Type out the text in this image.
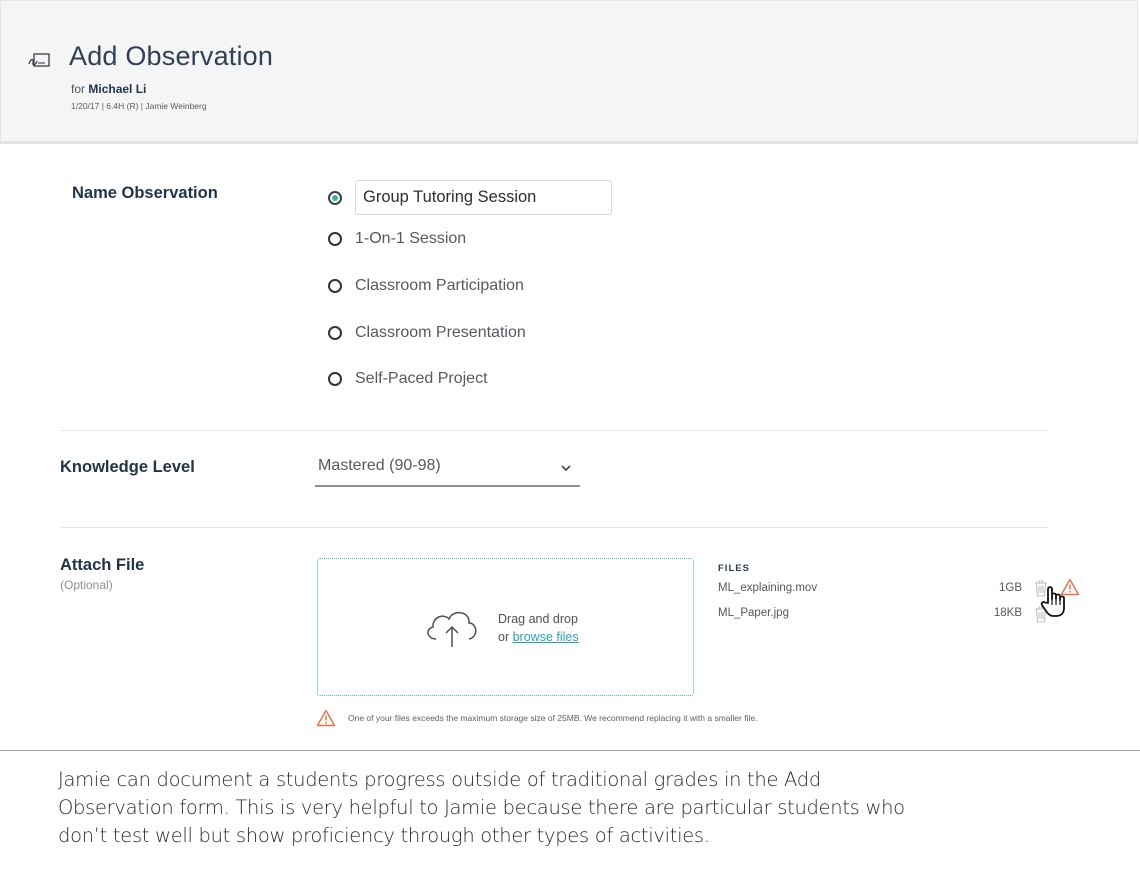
Add Observation
for Michael Li
1/20/17 | 6.4H (R) | Jamie Weinberg
Name Observation
Group Tutoring Session
1-On-1 Session
Classroom Participation
Classroom Presentation
Self-Paced Project
Knowledge Level	Mastered (90-98)
Attach File
(Optional)
Drag and drop
or browse files
FILES
ML_explaining.mov	1GB
ML_Paper.jpg	18KB
One of your files exceeds the maximum storage size of 25MB. We recommend replacing it with a smaller file.
Jamie can document a students progress outside of traditional grades in the Add Observation form. This is very helpful to Jamie because there are particular students who don’t test well but show proficiency through other types of activities.
